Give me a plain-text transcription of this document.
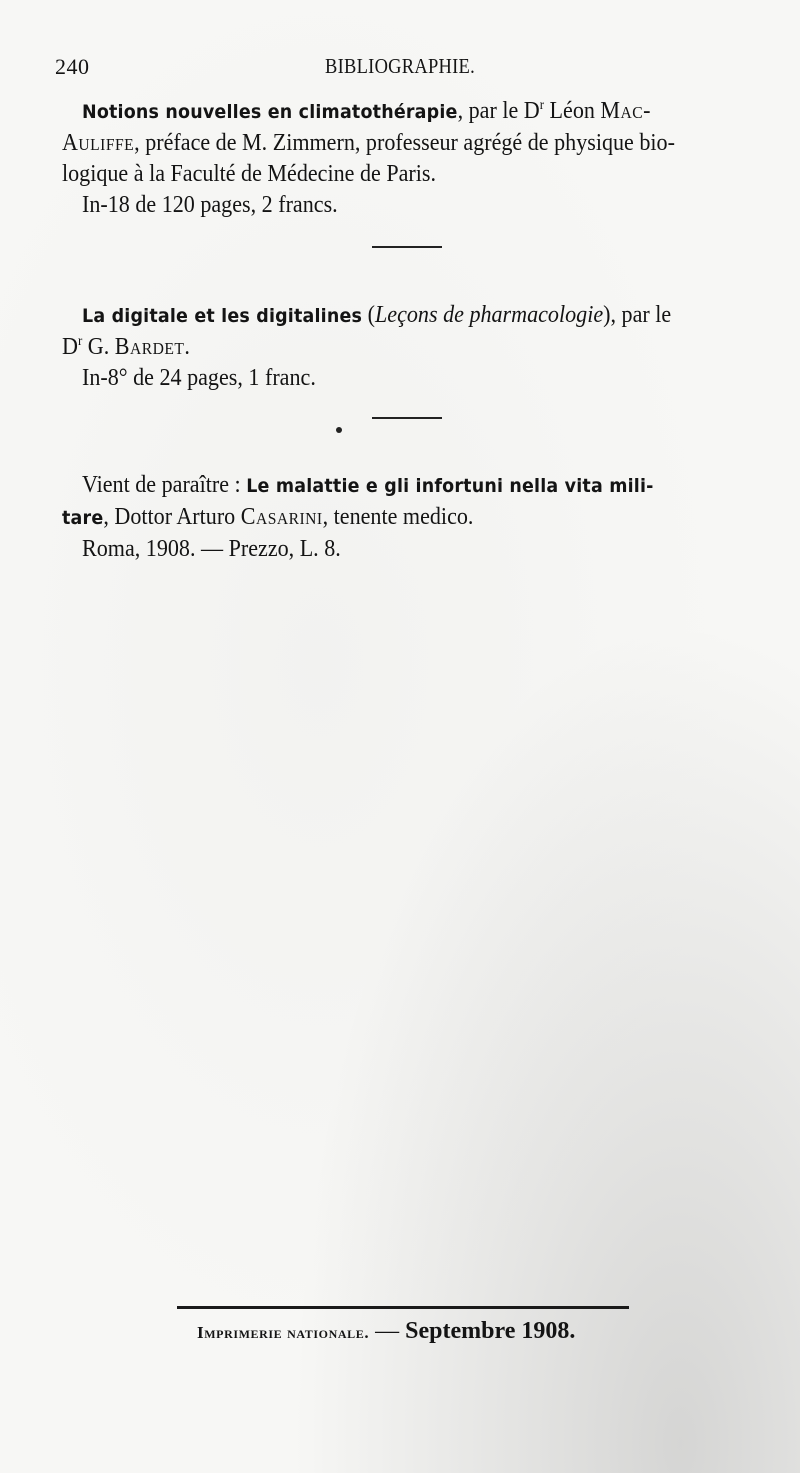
240	BIBLIOGRAPHIE.

Notions nouvelles en climatothérapie, par le $D^r$ Léon Mac-

Auliffe, préface de M. Zimmern, professeur agrégé de physique bio-

logique à la Faculté de Médecine de Paris.

In-18 de 120 pages, 2 francs.

La digitale et les digitalines (Leçons de pharmacologie), par le

$D^r$ G. Bardet.

In-8° de 24 pages, 1 franc.

Vient de paraître : Le malattie e gli infortuni nella vita mili-

tare, Dottor Arturo Casarini, tenente medico.

Roma, 1908. — Prezzo, L. 8.

Imprimerie nationale. — Septembre 1908.
